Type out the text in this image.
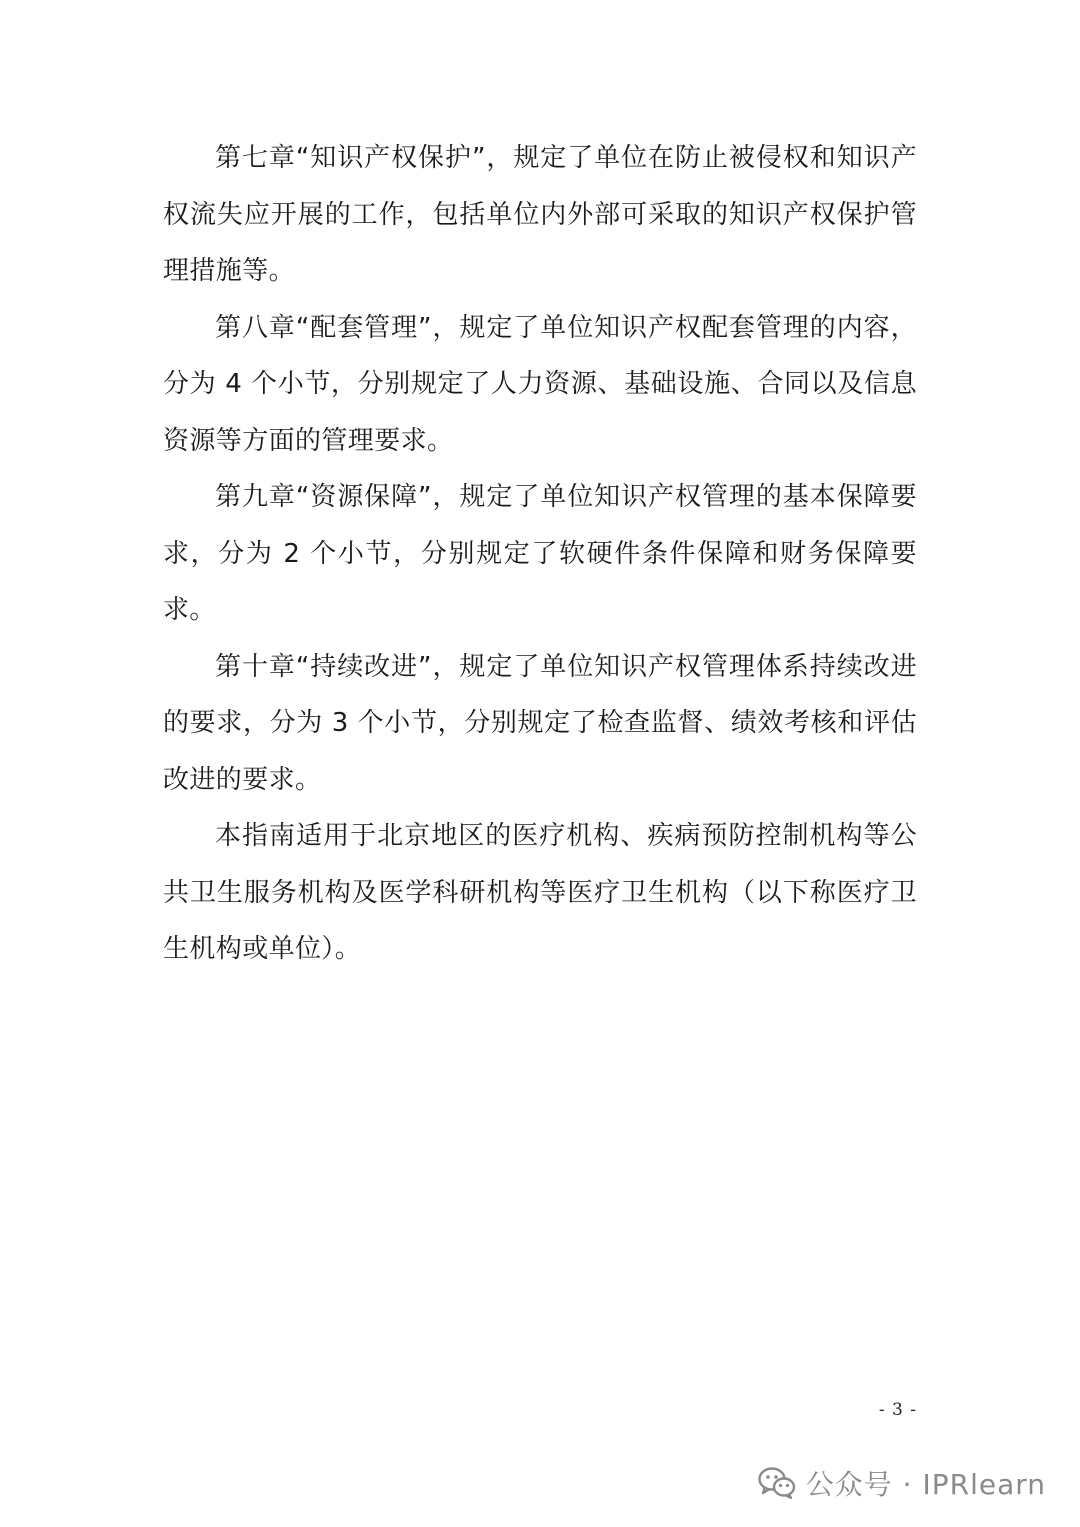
第七章“知识产权保护”，规定了单位在防止被侵权和知识产权流失应开展的工作，包括单位内外部可采取的知识产权保护管理措施等。

第八章“配套管理”，规定了单位知识产权配套管理的内容，分为 4 个小节，分别规定了人力资源、基础设施、合同以及信息资源等方面的管理要求。

第九章“资源保障”，规定了单位知识产权管理的基本保障要求，分为 2 个小节，分别规定了软硬件条件保障和财务保障要求。

第十章“持续改进”，规定了单位知识产权管理体系持续改进的要求，分为 3 个小节，分别规定了检查监督、绩效考核和评估改进的要求。

本指南适用于北京地区的医疗机构、疾病预防控制机构等公共卫生服务机构及医学科研机构等医疗卫生机构（以下称医疗卫生机构或单位）。

- 3 -
公众号 · IPRlearn
